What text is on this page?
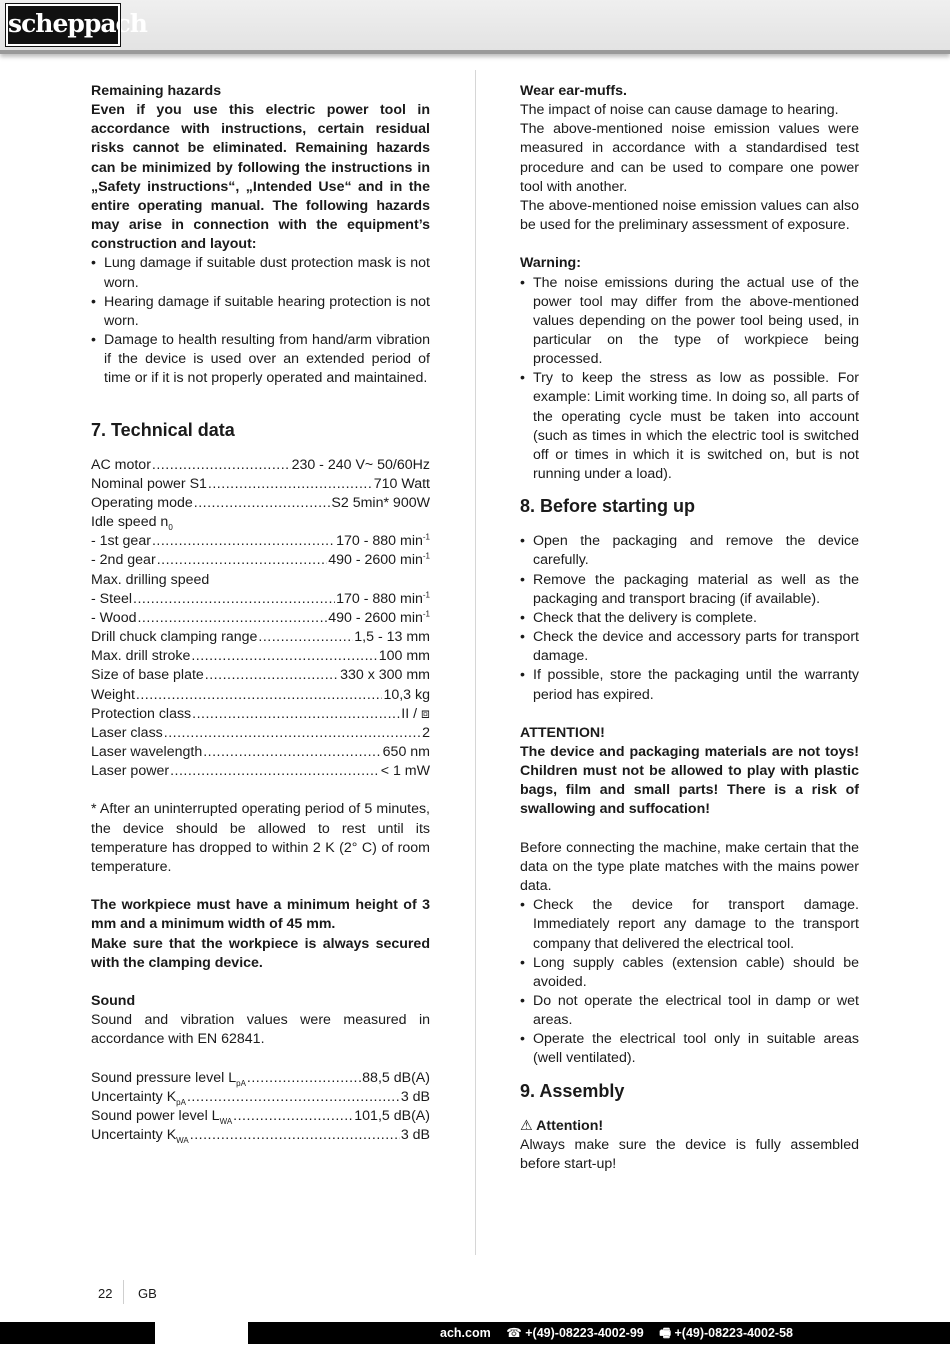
scheppach

Remaining hazards

Even if you use this electric power tool in accordance with instructions, certain residual risks cannot be eliminated. Remaining hazards can be minimized by following the instructions in „Safety instructions“, „Intended Use“ and in the entire operating manual. The following hazards may arise in connection with the equipment’s construction and layout:

• Lung damage if suitable dust protection mask is not worn.
• Hearing damage if suitable hearing protection is not worn.
• Damage to health resulting from hand/arm vibration if the device is used over an extended period of time or if it is not properly operated and maintained.
7. Technical data
AC motor .....	230 - 240 V~ 50/60Hz
Nominal power S1 .....	710 Watt
Operating mode .....	S2 5min* 900W
Idle speed $n_0$
- 1st gear .....	170 - 880 $\min^{-1}$
- 2nd gear .....	490 - 2600 $\min^{-1}$
Max. drilling speed
- Steel .....	170 - 880 $\min^{-1}$
- Wood .....	490 - 2600 $\min^{-1}$
Drill chuck clamping range .....	1,5 - 13 mm
Max. drill stroke .....	100 mm
Size of base plate .....	330 x 300 mm
Weight .....	10,3 kg
Protection class .....	II / ⧈
Laser class .....	2
Laser wavelength .....	650 nm
Laser power .....	< 1 mW

* After an uninterrupted operating period of 5 minutes, the device should be allowed to rest until its temperature has dropped to within 2 K (2° C) of room temperature.

The workpiece must have a minimum height of 3 mm and a minimum width of 45 mm.

Make sure that the workpiece is always secured with the clamping device.

Sound

Sound and vibration values were measured in accordance with EN 62841.

Sound pressure level $L_{pA}$ .....	88,5 dB(A)
Uncertainty $K_{pA}$ .....	3 dB
Sound power level $L_{WA}$ .....	101,5 dB(A)
Uncertainty $K_{WA}$ .....	3 dB

Wear ear-muffs.

The impact of noise can cause damage to hearing.

The above-mentioned noise emission values were measured in accordance with a standardised test procedure and can be used to compare one power tool with another.

The above-mentioned noise emission values can also be used for the preliminary assessment of exposure.

Warning:

• The noise emissions during the actual use of the power tool may differ from the above-mentioned values depending on the power tool being used, in particular on the type of workpiece being processed.
• Try to keep the stress as low as possible. For example: Limit working time. In doing so, all parts of the operating cycle must be taken into account (such as times in which the electric tool is switched off or times in which it is switched on, but is not running under a load).
8. Before starting up
• Open the packaging and remove the device carefully.
• Remove the packaging material as well as the packaging and transport bracing (if available).
• Check that the delivery is complete.
• Check the device and accessory parts for transport damage.
• If possible, store the packaging until the warranty period has expired.

ATTENTION!

The device and packaging materials are not toys! Children must not be allowed to play with plastic bags, film and small parts! There is a risk of swallowing and suffocation!

Before connecting the machine, make certain that the data on the type plate matches with the mains power data.

• Check the device for transport damage. Immediately report any damage to the transport company that delivered the electrical tool.
• Long supply cables (extension cable) should be avoided.
• Do not operate the electrical tool in damp or wet areas.
• Operate the electrical tool only in suitable areas (well ventilated).
9. Assembly

⚠ Attention!

Always make sure the device is fully assembled before start-up!

22 GB
ach.com ☎ +(49)-08223-4002-99 🖷 +(49)-08223-4002-58
